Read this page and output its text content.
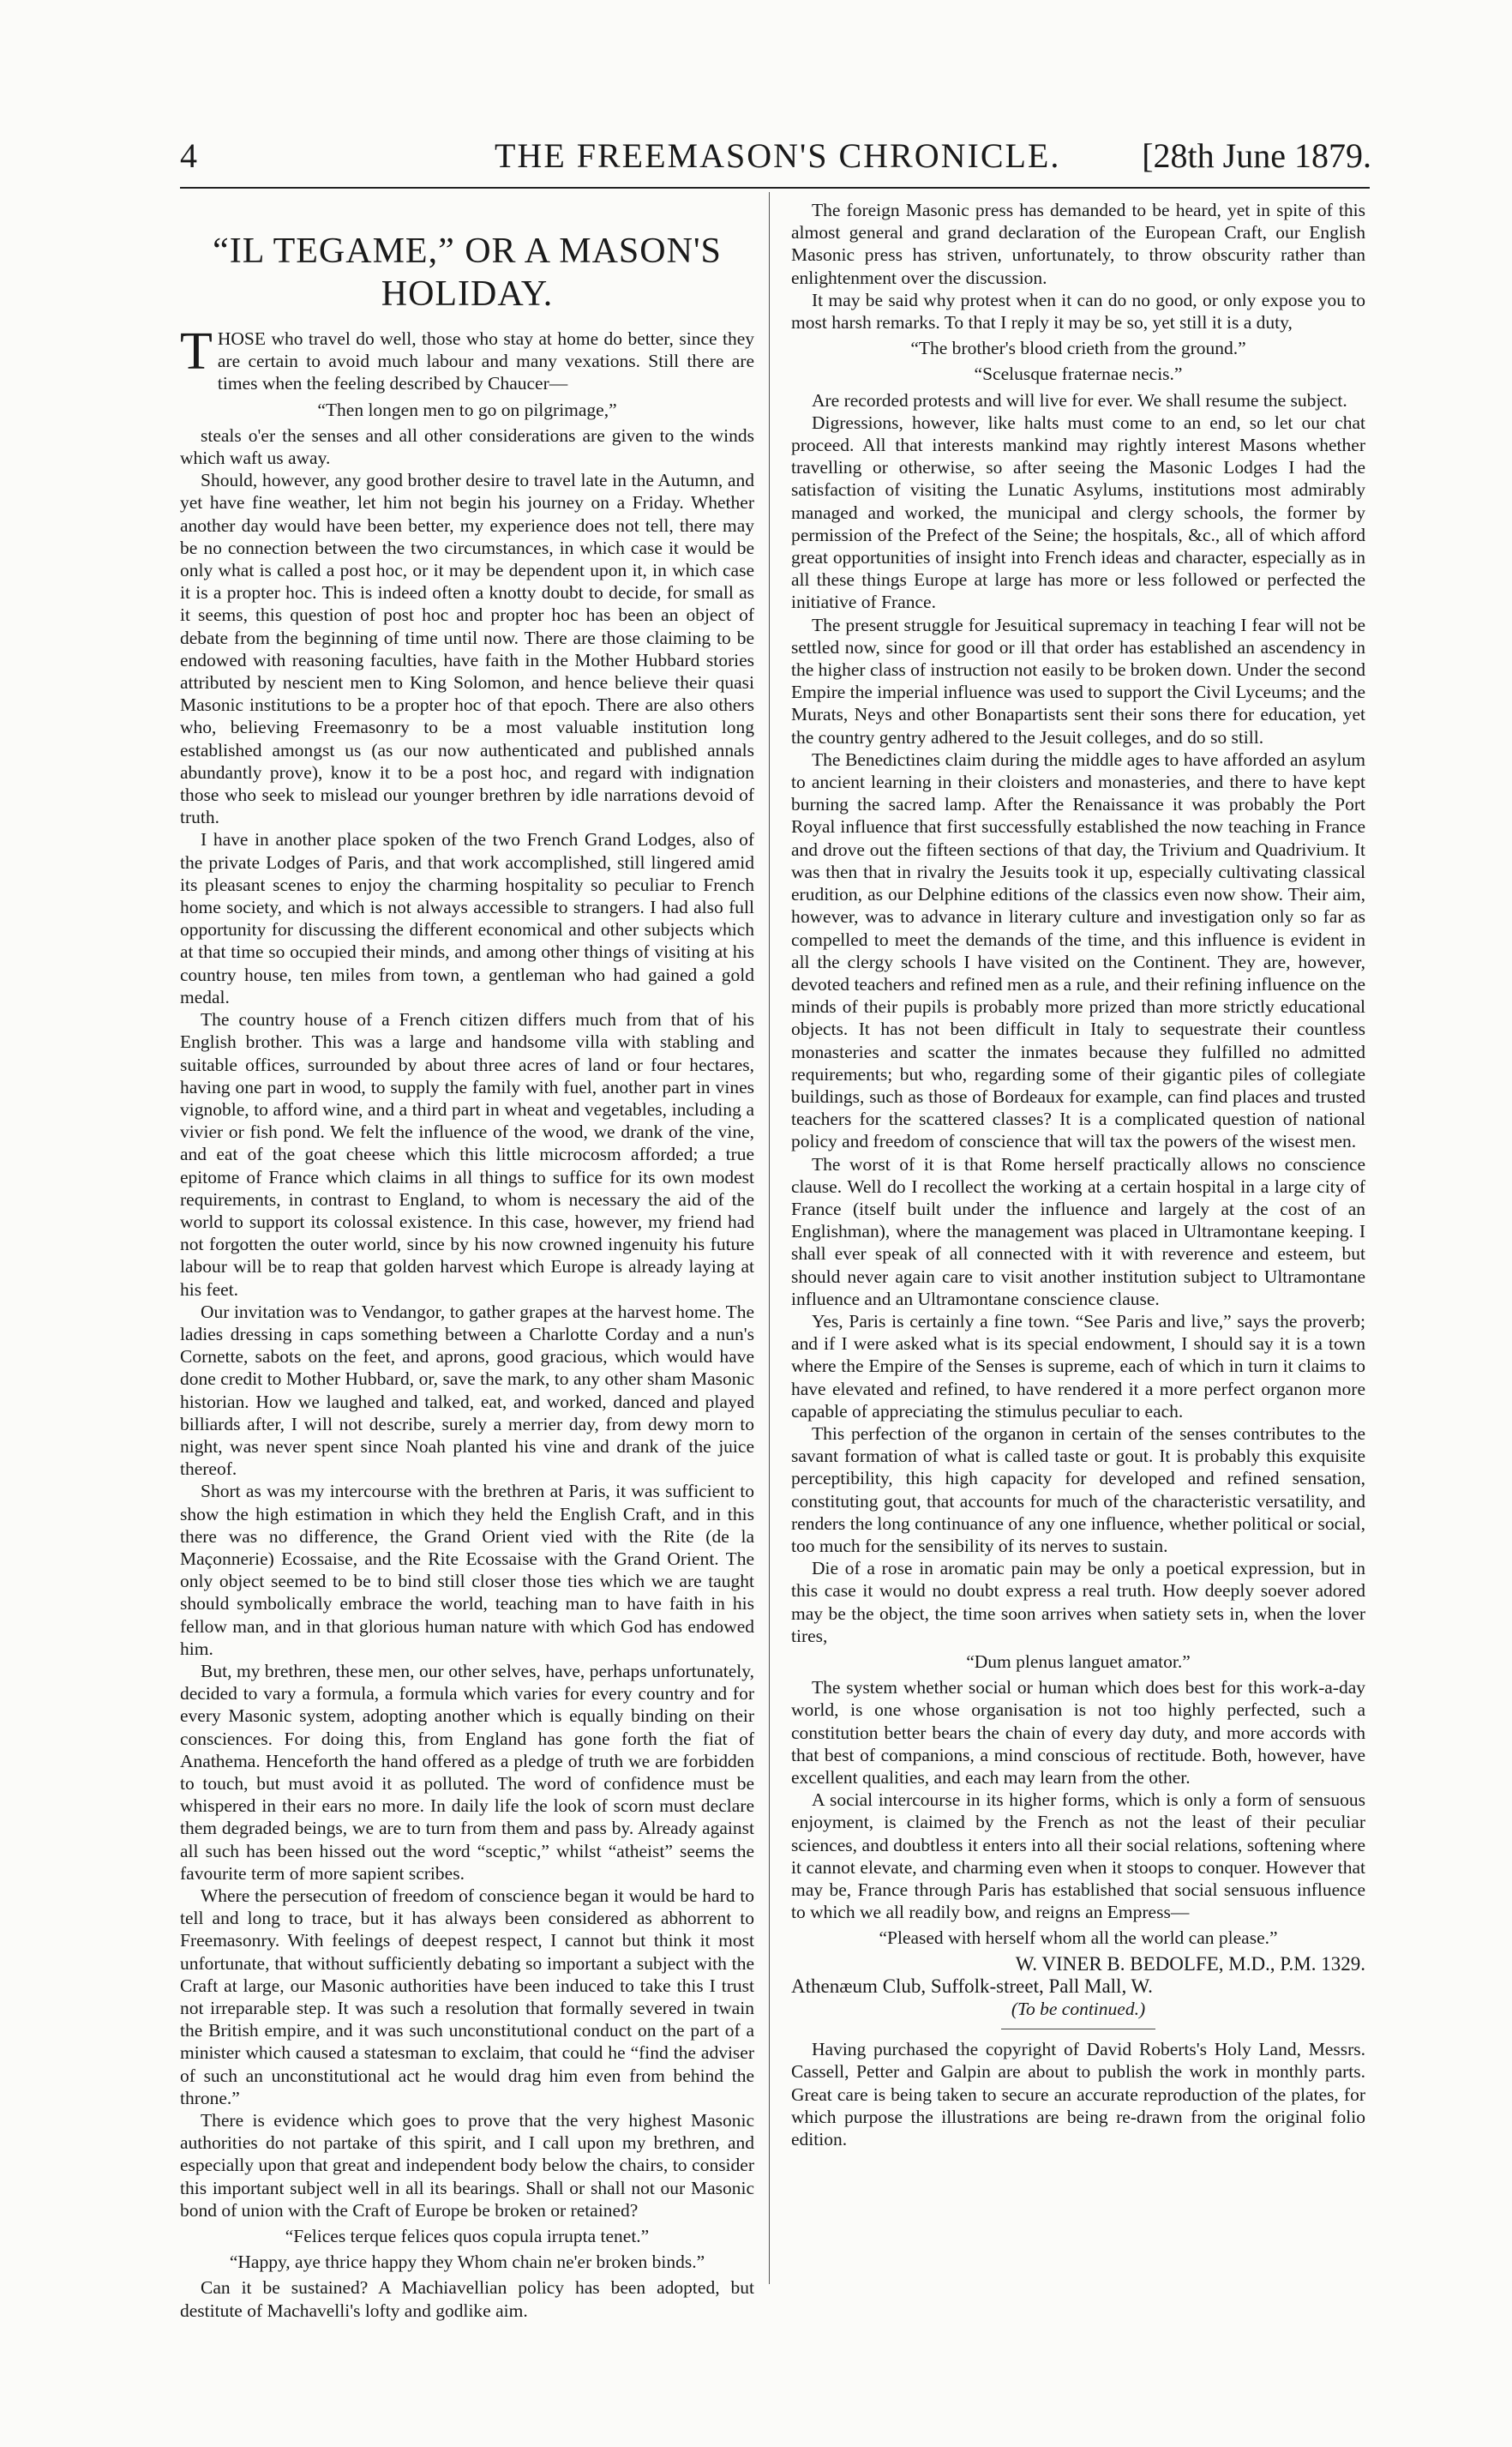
4	THE FREEMASON'S CHRONICLE. [28th June 1879.
“IL TEGAME,” OR A MASON'S HOLIDAY.

THOSE who travel do well, those who stay at home do better, since they are certain to avoid much labour and many vexations. Still there are times when the feeling described by Chaucer—

“Then longen men to go on pilgrimage,”

steals o'er the senses and all other considerations are given to the winds which waft us away.

Should, however, any good brother desire to travel late in the Autumn, and yet have fine weather, let him not begin his journey on a Friday. Whether another day would have been better, my experience does not tell, there may be no connection between the two circumstances, in which case it would be only what is called a post hoc, or it may be dependent upon it, in which case it is a propter hoc. This is indeed often a knotty doubt to decide, for small as it seems, this question of post hoc and propter hoc has been an object of debate from the beginning of time until now. There are those claiming to be endowed with reasoning faculties, have faith in the Mother Hubbard stories attributed by nescient men to King Solomon, and hence believe their quasi Masonic institutions to be a propter hoc of that epoch. There are also others who, believing Freemasonry to be a most valuable institution long established amongst us (as our now authenticated and published annals abundantly prove), know it to be a post hoc, and regard with indignation those who seek to mislead our younger brethren by idle narrations devoid of truth.

I have in another place spoken of the two French Grand Lodges, also of the private Lodges of Paris, and that work accomplished, still lingered amid its pleasant scenes to enjoy the charming hospitality so peculiar to French home society, and which is not always accessible to strangers. I had also full opportunity for discussing the different economical and other subjects which at that time so occupied their minds, and among other things of visiting at his country house, ten miles from town, a gentleman who had gained a gold medal.

The country house of a French citizen differs much from that of his English brother. This was a large and handsome villa with stabling and suitable offices, surrounded by about three acres of land or four hectares, having one part in wood, to supply the family with fuel, another part in vines vignoble, to afford wine, and a third part in wheat and vegetables, including a vivier or fish pond. We felt the influence of the wood, we drank of the vine, and eat of the goat cheese which this little microcosm afforded; a true epitome of France which claims in all things to suffice for its own modest requirements, in contrast to England, to whom is necessary the aid of the world to support its colossal existence. In this case, however, my friend had not forgotten the outer world, since by his now crowned ingenuity his future labour will be to reap that golden harvest which Europe is already laying at his feet.

Our invitation was to Vendangor, to gather grapes at the harvest home. The ladies dressing in caps something between a Charlotte Corday and a nun's Cornette, sabots on the feet, and aprons, good gracious, which would have done credit to Mother Hubbard, or, save the mark, to any other sham Masonic historian. How we laughed and talked, eat, and worked, danced and played billiards after, I will not describe, surely a merrier day, from dewy morn to night, was never spent since Noah planted his vine and drank of the juice thereof.

Short as was my intercourse with the brethren at Paris, it was sufficient to show the high estimation in which they held the English Craft, and in this there was no difference, the Grand Orient vied with the Rite (de la Maçonnerie) Ecossaise, and the Rite Ecossaise with the Grand Orient. The only object seemed to be to bind still closer those ties which we are taught should symbolically embrace the world, teaching man to have faith in his fellow man, and in that glorious human nature with which God has endowed him.

But, my brethren, these men, our other selves, have, perhaps unfortunately, decided to vary a formula, a formula which varies for every country and for every Masonic system, adopting another which is equally binding on their consciences. For doing this, from England has gone forth the fiat of Anathema. Henceforth the hand offered as a pledge of truth we are forbidden to touch, but must avoid it as polluted. The word of confidence must be whispered in their ears no more. In daily life the look of scorn must declare them degraded beings, we are to turn from them and pass by. Already against all such has been hissed out the word “sceptic,” whilst “atheist” seems the favourite term of more sapient scribes.

Where the persecution of freedom of conscience began it would be hard to tell and long to trace, but it has always been considered as abhorrent to Freemasonry. With feelings of deepest respect, I cannot but think it most unfortunate, that without sufficiently debating so important a subject with the Craft at large, our Masonic authorities have been induced to take this I trust not irreparable step. It was such a resolution that formally severed in twain the British empire, and it was such unconstitutional conduct on the part of a minister which caused a statesman to exclaim, that could he “find the adviser of such an unconstitutional act he would drag him even from behind the throne.”

There is evidence which goes to prove that the very highest Masonic authorities do not partake of this spirit, and I call upon my brethren, and especially upon that great and independent body below the chairs, to consider this important subject well in all its bearings. Shall or shall not our Masonic bond of union with the Craft of Europe be broken or retained?

“Felices terque felices quos copula irrupta tenet.”

“Happy, aye thrice happy they Whom chain ne'er broken binds.”

Can it be sustained? A Machiavellian policy has been adopted, but destitute of Machavelli's lofty and godlike aim.

The foreign Masonic press has demanded to be heard, yet in spite of this almost general and grand declaration of the European Craft, our English Masonic press has striven, unfortunately, to throw obscurity rather than enlightenment over the discussion.

It may be said why protest when it can do no good, or only expose you to most harsh remarks. To that I reply it may be so, yet still it is a duty,

“The brother's blood crieth from the ground.”

“Scelusque fraternae necis.”

Are recorded protests and will live for ever. We shall resume the subject.

Digressions, however, like halts must come to an end, so let our chat proceed. All that interests mankind may rightly interest Masons whether travelling or otherwise, so after seeing the Masonic Lodges I had the satisfaction of visiting the Lunatic Asylums, institutions most admirably managed and worked, the municipal and clergy schools, the former by permission of the Prefect of the Seine; the hospitals, &c., all of which afford great opportunities of insight into French ideas and character, especially as in all these things Europe at large has more or less followed or perfected the initiative of France.

The present struggle for Jesuitical supremacy in teaching I fear will not be settled now, since for good or ill that order has established an ascendency in the higher class of instruction not easily to be broken down. Under the second Empire the imperial influence was used to support the Civil Lyceums; and the Murats, Neys and other Bonapartists sent their sons there for education, yet the country gentry adhered to the Jesuit colleges, and do so still.

The Benedictines claim during the middle ages to have afforded an asylum to ancient learning in their cloisters and monasteries, and there to have kept burning the sacred lamp. After the Renaissance it was probably the Port Royal influence that first successfully established the now teaching in France and drove out the fifteen sections of that day, the Trivium and Quadrivium. It was then that in rivalry the Jesuits took it up, especially cultivating classical erudition, as our Delphine editions of the classics even now show. Their aim, however, was to advance in literary culture and investigation only so far as compelled to meet the demands of the time, and this influence is evident in all the clergy schools I have visited on the Continent. They are, however, devoted teachers and refined men as a rule, and their refining influence on the minds of their pupils is probably more prized than more strictly educational objects. It has not been difficult in Italy to sequestrate their countless monasteries and scatter the inmates because they fulfilled no admitted requirements; but who, regarding some of their gigantic piles of collegiate buildings, such as those of Bordeaux for example, can find places and trusted teachers for the scattered classes? It is a complicated question of national policy and freedom of conscience that will tax the powers of the wisest men.

The worst of it is that Rome herself practically allows no conscience clause. Well do I recollect the working at a certain hospital in a large city of France (itself built under the influence and largely at the cost of an Englishman), where the management was placed in Ultramontane keeping. I shall ever speak of all connected with it with reverence and esteem, but should never again care to visit another institution subject to Ultramontane influence and an Ultramontane conscience clause.

Yes, Paris is certainly a fine town. “See Paris and live,” says the proverb; and if I were asked what is its special endowment, I should say it is a town where the Empire of the Senses is supreme, each of which in turn it claims to have elevated and refined, to have rendered it a more perfect organon more capable of appreciating the stimulus peculiar to each.

This perfection of the organon in certain of the senses contributes to the savant formation of what is called taste or gout. It is probably this exquisite perceptibility, this high capacity for developed and refined sensation, constituting gout, that accounts for much of the characteristic versatility, and renders the long continuance of any one influence, whether political or social, too much for the sensibility of its nerves to sustain.

Die of a rose in aromatic pain may be only a poetical expression, but in this case it would no doubt express a real truth. How deeply soever adored may be the object, the time soon arrives when satiety sets in, when the lover tires,

“Dum plenus languet amator.”

The system whether social or human which does best for this work-a-day world, is one whose organisation is not too highly perfected, such a constitution better bears the chain of every day duty, and more accords with that best of companions, a mind conscious of rectitude. Both, however, have excellent qualities, and each may learn from the other.

A social intercourse in its higher forms, which is only a form of sensuous enjoyment, is claimed by the French as not the least of their peculiar sciences, and doubtless it enters into all their social relations, softening where it cannot elevate, and charming even when it stoops to conquer. However that may be, France through Paris has established that social sensuous influence to which we all readily bow, and reigns an Empress—

“Pleased with herself whom all the world can please.”

W. VINER B. BEDOLFE, M.D., P.M. 1329.

Athenæum Club, Suffolk-street, Pall Mall, W.

(To be continued.)

Having purchased the copyright of David Roberts's Holy Land, Messrs. Cassell, Petter and Galpin are about to publish the work in monthly parts. Great care is being taken to secure an accurate reproduction of the plates, for which purpose the illustrations are being re-drawn from the original folio edition.
